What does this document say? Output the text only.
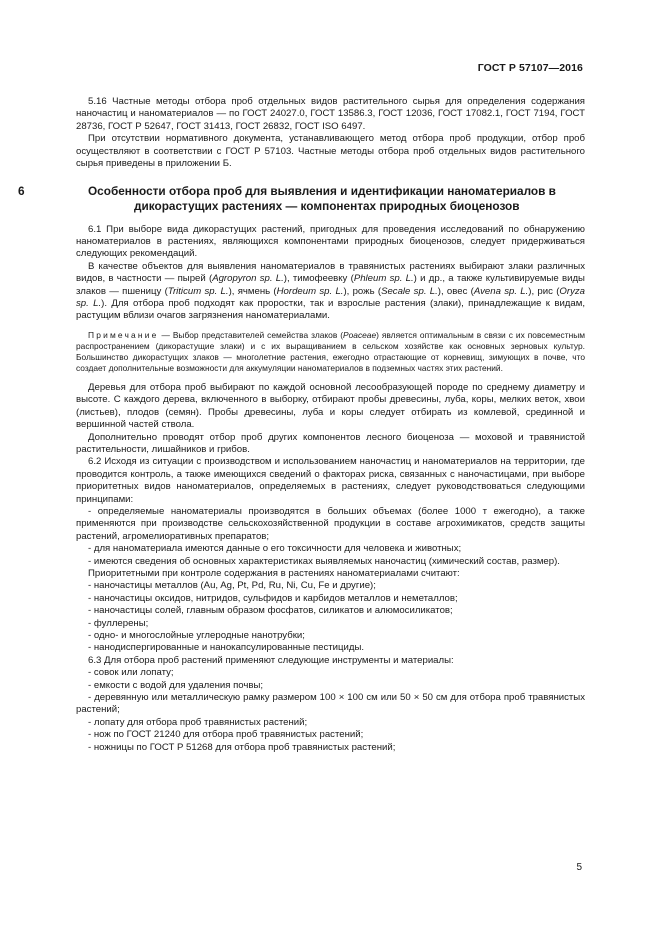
ГОСТ Р 57107—2016

5.16 Частные методы отбора проб отдельных видов растительного сырья для определения содержания наночастиц и наноматериалов — по ГОСТ 24027.0, ГОСТ 13586.3, ГОСТ 12036, ГОСТ 17082.1, ГОСТ 7194, ГОСТ 28736, ГОСТ Р 52647, ГОСТ 31413, ГОСТ 26832, ГОСТ ISO 6497.

При отсутствии нормативного документа, устанавливающего метод отбора проб продукции, отбор проб осуществляют в соответствии с ГОСТ Р 57103. Частные методы отбора проб отдельных видов растительного сырья приведены в приложении Б.

6	Особенности отбора проб для выявления и идентификации наноматериалов в дикорастущих растениях — компонентах природных биоценозов

6.1 При выборе вида дикорастущих растений, пригодных для проведения исследований по обнаружению наноматериалов в растениях, являющихся компонентами природных биоценозов, следует придерживаться следующих рекомендаций.

В качестве объектов для выявления наноматериалов в травянистых растениях выбирают злаки различных видов, в частности — пырей (Agropyron sp. L.), тимофеевку (Phleum sp. L.) и др., а также культивируемые виды злаков — пшеницу (Triticum sp. L.), ячмень (Hordeum sp. L.), рожь (Secale sp. L.), овес (Avena sp. L.), рис (Oryza sp. L.). Для отбора проб подходят как проростки, так и взрослые растения (злаки), принадлежащие к видам, растущим вблизи очагов загрязнения наноматериалами.

Примечание — Выбор представителей семейства злаков (Poaceae) является оптимальным в связи с их повсеместным распространением (дикорастущие злаки) и с их выращиванием в сельском хозяйстве как основных зерновых культур. Большинство дикорастущих злаков — многолетние растения, ежегодно отрастающие от корневищ, зимующих в почве, что создает дополнительные возможности для аккумуляции наноматериалов в подземных частях этих растений.

Деревья для отбора проб выбирают по каждой основной лесообразующей породе по среднему диаметру и высоте. С каждого дерева, включенного в выборку, отбирают пробы древесины, луба, коры, мелких веток, хвои (листьев), плодов (семян). Пробы древесины, луба и коры следует отбирать из комлевой, срединной и вершинной частей ствола.

Дополнительно проводят отбор проб других компонентов лесного биоценоза — моховой и травянистой растительности, лишайников и грибов.

6.2 Исходя из ситуации с производством и использованием наночастиц и наноматериалов на территории, где проводится контроль, а также имеющихся сведений о факторах риска, связанных с наночастицами, при выборе приоритетных видов наноматериалов, определяемых в растениях, следует руководствоваться следующими принципами:

- определяемые наноматериалы производятся в больших объемах (более 1000 т ежегодно), а также применяются при производстве сельскохозяйственной продукции в составе агрохимикатов, средств защиты растений, агромелиоративных препаратов;

- для наноматериала имеются данные о его токсичности для человека и животных;

- имеются сведения об основных характеристиках выявляемых наночастиц (химический состав, размер).

Приоритетными при контроле содержания в растениях наноматериалами считают:

- наночастицы металлов (Au, Ag, Pt, Pd, Ru, Ni, Cu, Fe и другие);

- наночастицы оксидов, нитридов, сульфидов и карбидов металлов и неметаллов;

- наночастицы солей, главным образом фосфатов, силикатов и алюмосиликатов;

- фуллерены;

- одно- и многослойные углеродные нанотрубки;

- нанодиспергированные и нанокапсулированные пестициды.

6.3 Для отбора проб растений применяют следующие инструменты и материалы:

- совок или лопату;

- емкости с водой для удаления почвы;

- деревянную или металлическую рамку размером 100 × 100 см или 50 × 50 см для отбора проб травянистых растений;

- лопату для отбора проб травянистых растений;

- нож по ГОСТ 21240 для отбора проб травянистых растений;

- ножницы по ГОСТ Р 51268 для отбора проб травянистых растений;

5
